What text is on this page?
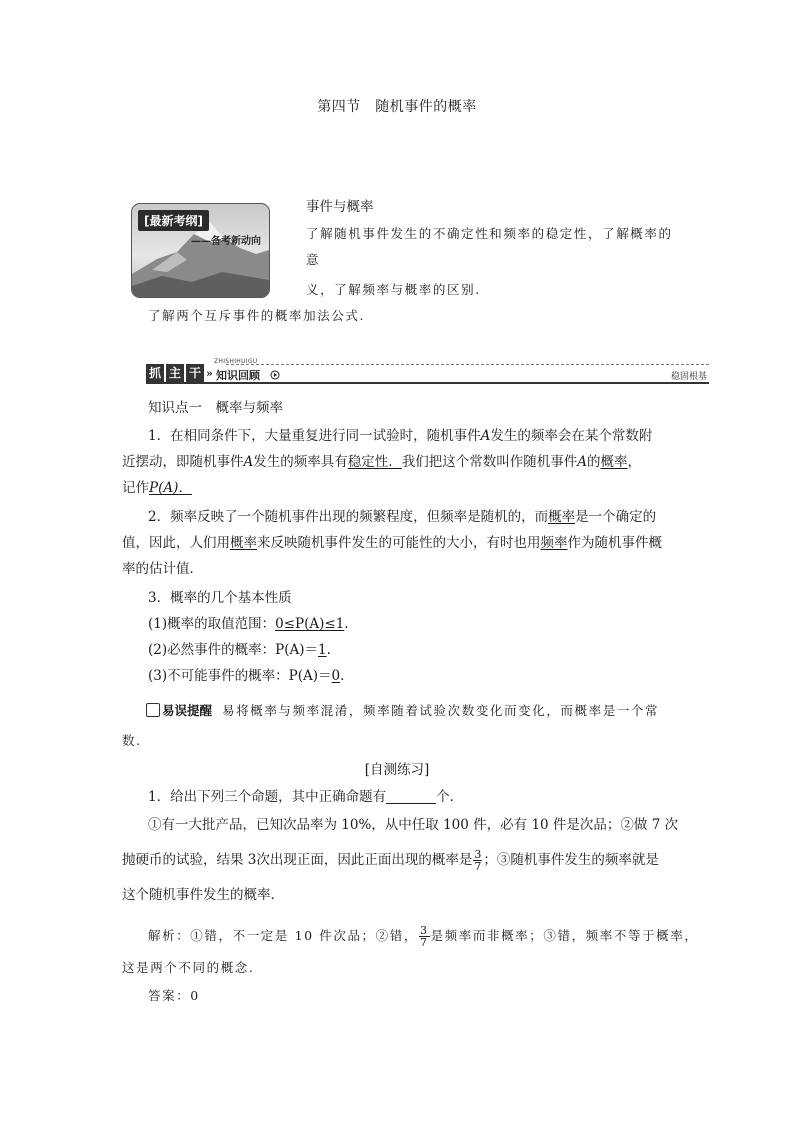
第四节　随机事件的概率
[最新考纲]
——备考新动向
事件与概率
了解随机事件发生的不确定性和频率的稳定性，了解概率的
意
义，了解频率与概率的区别.
了解两个互斥事件的概率加法公式.
抓 主 干 »
ZHISHIHUIGU
知识回顾	稳固根基
知识点一　概率与频率
1．在相同条件下，大量重复进行同一试验时，随机事件A发生的频率会在某个常数附
近摆动，即随机事件A发生的频率具有稳定性．我们把这个常数叫作随机事件A的概率，
记作P(A)．
2．频率反映了一个随机事件出现的频繁程度，但频率是随机的，而概率是一个确定的
值，因此，人们用概率来反映随机事件发生的可能性的大小，有时也用频率作为随机事件概
率的估计值．
3．概率的几个基本性质
(1)概率的取值范围：0≤P(A)≤1.
(2)必然事件的概率：P(A)＝1.
(3)不可能事件的概率：P(A)＝0.
易误提醒 易将概率与频率混淆，频率随着试验次数变化而变化，而概率是一个常
数.
[自测练习]
1．给出下列三个命题，其中正确命题有	个．
①有一大批产品，已知次品率为 10%，从中任取 100 件，必有 10 件是次品；②做 7 次
抛硬币的试验，结果 3次出现正面，因此正面出现的概率是 $\frac{3}{7}$ ；③随机事件发生的频率就是
这个随机事件发生的概率．
解析：①错，不一定是 10 件次品；②错， $\frac{3}{7}$ 是频率而非概率；③错，频率不等于概率，
这是两个不同的概念.
答案：0
